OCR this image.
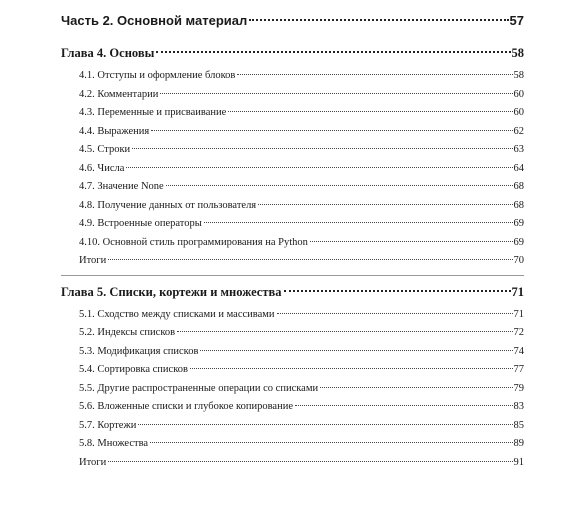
Часть 2. Основной материал	57
Глава 4. Основы	58
4.1. Отступы и оформление блоков	58
4.2. Комментарии	60
4.3. Переменные и присваивание	60
4.4. Выражения	62
4.5. Строки	63
4.6. Числа	64
4.7. Значение None	68
4.8. Получение данных от пользователя	68
4.9. Встроенные операторы	69
4.10. Основной стиль программирования на Python	69
Итоги	70
Глава 5. Списки, кортежи и множества	71
5.1. Сходство между списками и массивами	71
5.2. Индексы списков	72
5.3. Модификация списков	74
5.4. Сортировка списков	77
5.5. Другие распространенные операции со списками	79
5.6. Вложенные списки и глубокое копирование	83
5.7. Кортежи	85
5.8. Множества	89
Итоги	91
